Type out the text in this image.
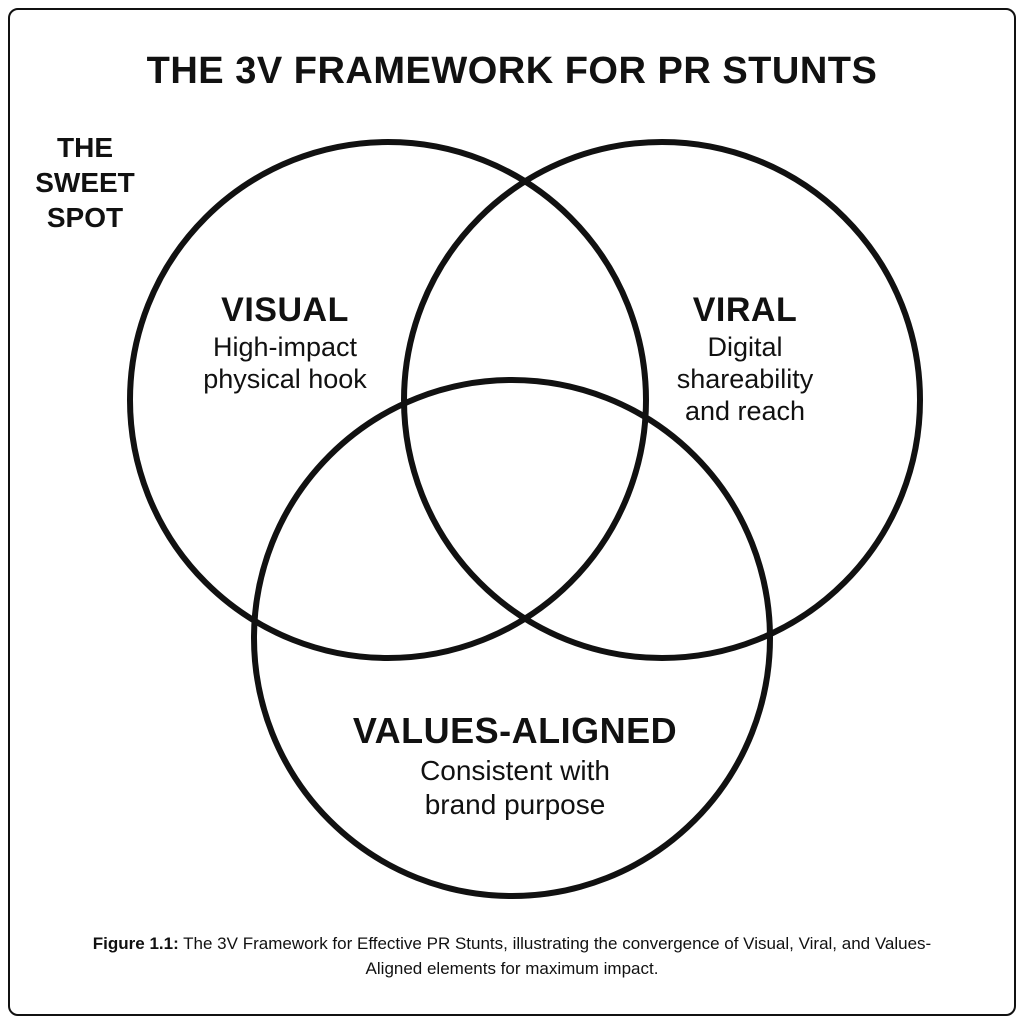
THE 3V FRAMEWORK FOR PR STUNTS
VISUAL
High-impact
physical hook
VIRAL
Digital
shareability
and reach
VALUES-ALIGNED
Consistent with
brand purpose
THE
SWEET
SPOT
Figure 1.1: The 3V Framework for Effective PR Stunts, illustrating the convergence of Visual, Viral, and Values-Aligned elements for maximum impact.
